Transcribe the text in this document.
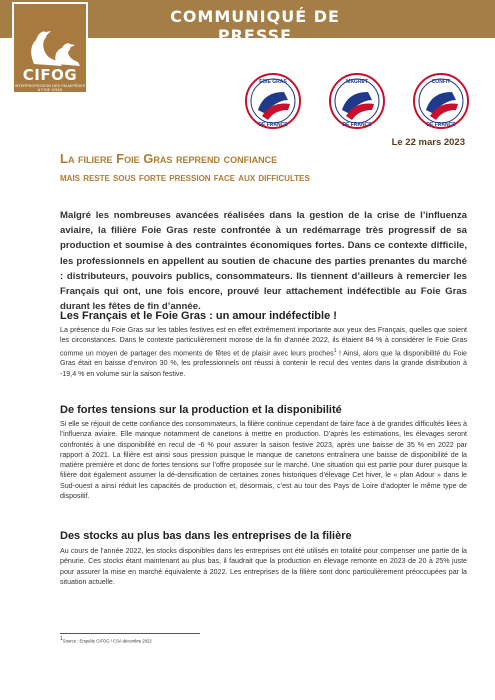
COMMUNIQUÉ DE PRESSE
CIFOG
INTERPROFESSION DES PALMIPÈDES À FOIE GRAS
FOIE GRAS
DE FRANCE
MAGRET
DE FRANCE
CONFIT
DE FRANCE
Le 22 mars 2023
La filiere Foie Gras reprend confiance
mais reste sous forte pression face aux difficultes
Malgré les nombreuses avancées réalisées dans la gestion de la crise de l’influenza aviaire, la filière Foie Gras reste confrontée à un redémarrage très progressif de sa production et soumise à des contraintes économiques fortes. Dans ce contexte difficile, les professionnels en appellent au soutien de chacune des parties prenantes du marché : distributeurs, pouvoirs publics, consommateurs. Ils tiennent d’ailleurs à remercier les Français qui ont, une fois encore, prouvé leur attachement indéfectible au Foie Gras durant les fêtes de fin d’année.
Les Français et le Foie Gras : un amour indéfectible !
La présence du Foie Gras sur les tables festives est en effet extrêmement importante aux yeux des Français, quelles que soient les circonstances. Dans le contexte particulièrement morose de la fin d’année 2022, ils étaient 84 % à considérer le Foie Gras comme un moyen de partager des moments de fêtes et de plaisir avec leurs proches$^1$ ! Ainsi, alors que la disponibilité du Foie Gras était en baisse d’environ 30 %, les professionnels ont réussi à contenir le recul des ventes dans la grande distribution à -19,4 % en volume sur la saison festive.
De fortes tensions sur la production et la disponibilité
Si elle se réjouit de cette confiance des consommateurs, la filière continue cependant de faire face à de grandes difficultés liées à l’influenza aviaire. Elle manque notamment de canetons à mettre en production. D’après les estimations, les élevages seront confrontés à une disponibilité en recul de -6 % pour assurer la saison festive 2023, après une baisse de 35 % en 2022 par rapport à 2021. La filière est ainsi sous pression puisque le manque de canetons entraînera une baisse de disponibilité de la matière première et donc de fortes tensions sur l’offre proposée sur le marché. Une situation qui est partie pour durer puisque la filière doit également assumer la dé-densification de certaines zones historiques d’élevage Cet hiver, le « plan Adour » dans le Sud-ouest a ainsi réduit les capacités de production et, désormais, c’est au tour des Pays de Loire d’adopter le même type de dispositif.
Des stocks au plus bas dans les entreprises de la filière
Au cours de l’année 2022, les stocks disponibles dans les entreprises ont été utilisés en totalité pour compenser une partie de la pénurie. Ces stocks étant maintenant au plus bas, il faudrait que la production en élevage remonte en 2023 de 20 à 25% juste pour assurer la mise en marché équivalente à 2022. Les entreprises de la filière sont donc particulièrement préoccupées par la situation actuelle.
$^1$Source : Enquête CIFOG / CSA décembre 2022
